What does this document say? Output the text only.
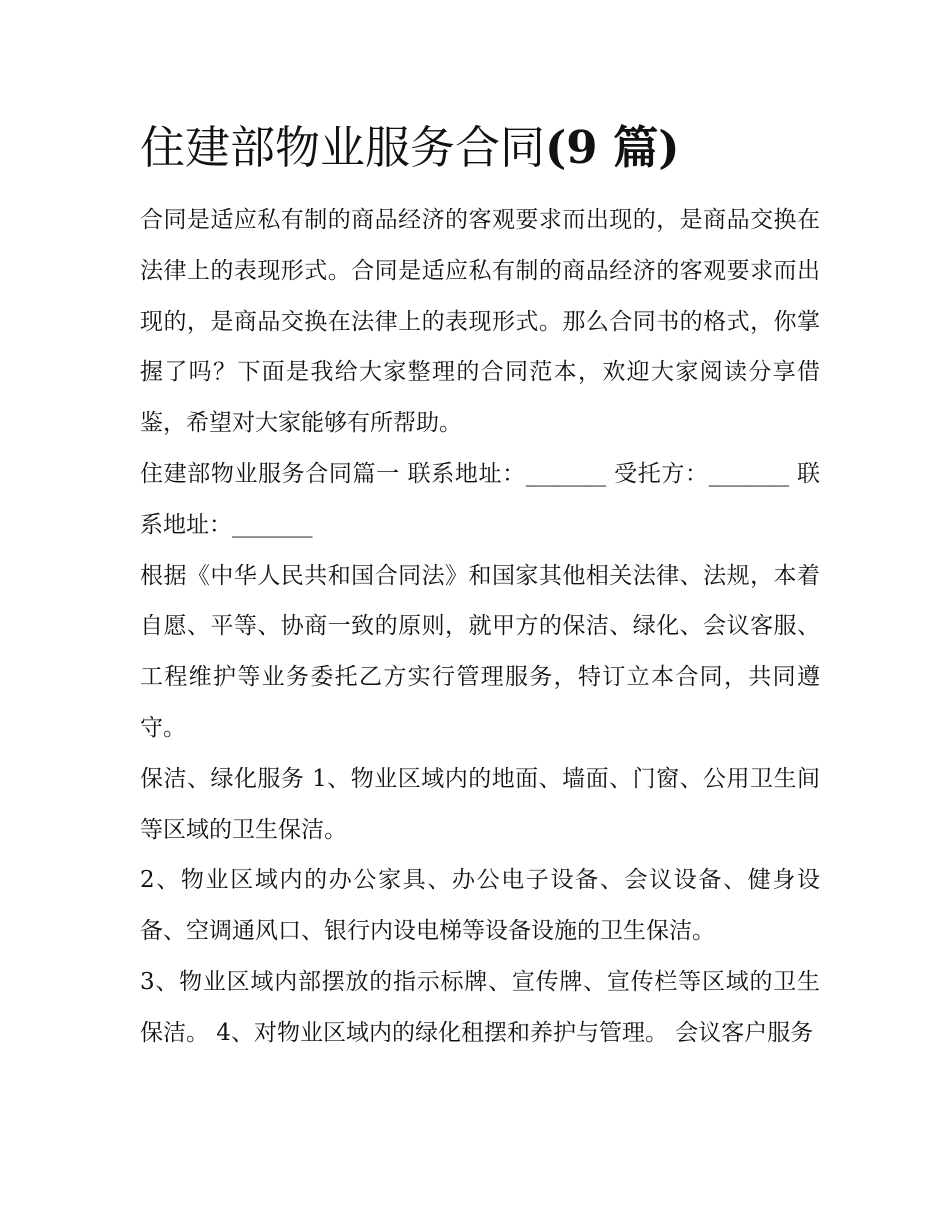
住建部物业服务合同(9 篇)

合同是适应私有制的商品经济的客观要求而出现的，是商品交换在法律上的表现形式。合同是适应私有制的商品经济的客观要求而出现的，是商品交换在法律上的表现形式。那么合同书的格式，你掌握了吗？下面是我给大家整理的合同范本，欢迎大家阅读分享借鉴，希望对大家能够有所帮助。

住建部物业服务合同篇一 联系地址：_______ 受托方：_______ 联系地址：_______

根据《中华人民共和国合同法》和国家其他相关法律、法规，本着自愿、平等、协商一致的原则，就甲方的保洁、绿化、会议客服、工程维护等业务委托乙方实行管理服务，特订立本合同，共同遵守。

保洁、绿化服务 1、物业区域内的地面、墙面、门窗、公用卫生间等区域的卫生保洁。

2、物业区域内的办公家具、办公电子设备、会议设备、健身设备、空调通风口、银行内设电梯等设备设施的卫生保洁。

3、物业区域内部摆放的指示标牌、宣传牌、宣传栏等区域的卫生保洁。 4、对物业区域内的绿化租摆和养护与管理。 会议客户服务
